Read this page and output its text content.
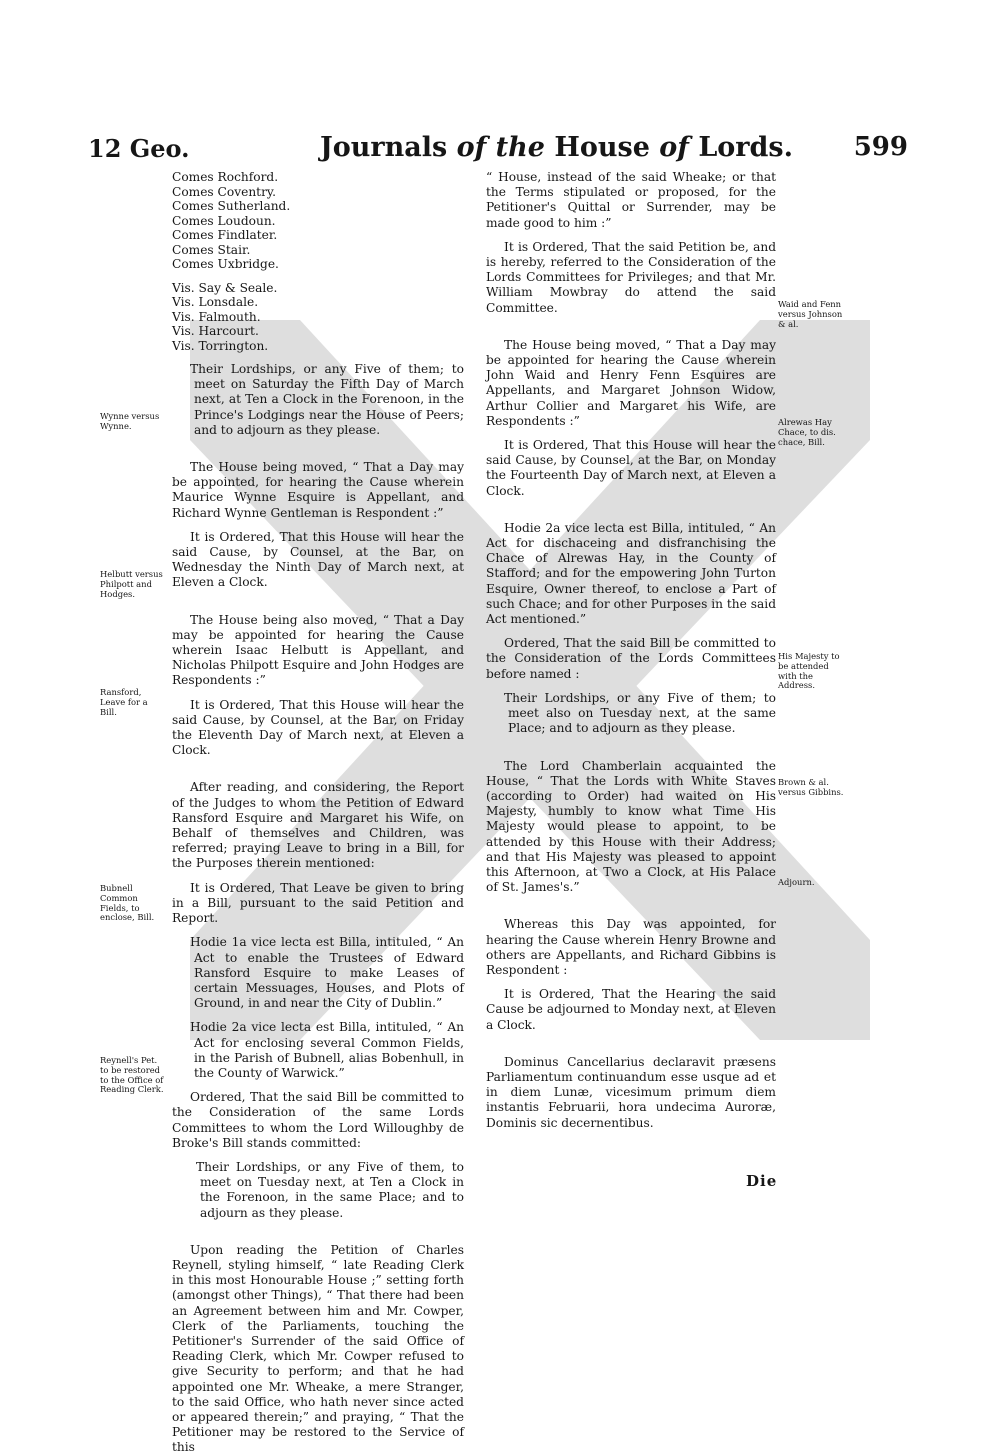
12 Geo.	Journals of the House of Lords. 599
Comes Rochford.
Comes Coventry.
Comes Sutherland.
Comes Loudoun.
Comes Findlater.
Comes Stair.
Comes Uxbridge.
Vis. Say & Seale.
Vis. Lonsdale.
Vis. Falmouth.
Vis. Harcourt.
Vis. Torrington.

Their Lordships, or any Five of them; to meet on Saturday the Fifth Day of March next, at Ten a Clock in the Forenoon, in the Prince's Lodgings near the House of Peers; and to adjourn as they please.

The House being moved, “ That a Day may be appointed, for hearing the Cause wherein Maurice Wynne Esquire is Appellant, and Richard Wynne Gentleman is Respondent :”

It is Ordered, That this House will hear the said Cause, by Counsel, at the Bar, on Wednesday the Ninth Day of March next, at Eleven a Clock.

The House being also moved, “ That a Day may be appointed for hearing the Cause wherein Isaac Helbutt is Appellant, and Nicholas Philpott Esquire and John Hodges are Respondents :”

It is Ordered, That this House will hear the said Cause, by Counsel, at the Bar, on Friday the Eleventh Day of March next, at Eleven a Clock.

After reading, and considering, the Report of the Judges to whom the Petition of Edward Ransford Esquire and Margaret his Wife, on Behalf of themselves and Children, was referred; praying Leave to bring in a Bill, for the Purposes therein mentioned:

It is Ordered, That Leave be given to bring in a Bill, pursuant to the said Petition and Report.

Hodie 1a vice lecta est Billa, intituled, “ An Act to enable the Trustees of Edward Ransford Esquire to make Leases of certain Messuages, Houses, and Plots of Ground, in and near the City of Dublin.”

Hodie 2a vice lecta est Billa, intituled, “ An Act for enclosing several Common Fields, in the Parish of Bubnell, alias Bobenhull, in the County of Warwick.”

Ordered, That the said Bill be committed to the Consideration of the same Lords Committees to whom the Lord Willoughby de Broke's Bill stands committed:

Their Lordships, or any Five of them, to meet on Tuesday next, at Ten a Clock in the Forenoon, in the same Place; and to adjourn as they please.

Upon reading the Petition of Charles Reynell, styling himself, “ late Reading Clerk in this most Honourable House ;” setting forth (amongst other Things), “ That there had been an Agreement between him and Mr. Cowper, Clerk of the Parliaments, touching the Petitioner's Surrender of the said Office of Reading Clerk, which Mr. Cowper refused to give Security to perform; and that he had appointed one Mr. Wheake, a mere Stranger, to the said Office, who hath never since acted or appeared therein;” and praying, “ That the Petitioner may be restored to the Service of this

“ House, instead of the said Wheake; or that the Terms stipulated or proposed, for the Petitioner's Quittal or Surrender, may be made good to him :”

It is Ordered, That the said Petition be, and is hereby, referred to the Consideration of the Lords Committees for Privileges; and that Mr. William Mowbray do attend the said Committee.

The House being moved, “ That a Day may be appointed for hearing the Cause wherein John Waid and Henry Fenn Esquires are Appellants, and Margaret Johnson Widow, Arthur Collier and Margaret his Wife, are Respondents :”

It is Ordered, That this House will hear the said Cause, by Counsel, at the Bar, on Monday the Fourteenth Day of March next, at Eleven a Clock.

Hodie 2a vice lecta est Billa, intituled, “ An Act for dischaceing and disfranchising the Chace of Alrewas Hay, in the County of Stafford; and for the empowering John Turton Esquire, Owner thereof, to enclose a Part of such Chace; and for other Purposes in the said Act mentioned.”

Ordered, That the said Bill be committed to the Consideration of the Lords Committees before named :

Their Lordships, or any Five of them; to meet also on Tuesday next, at the same Place; and to adjourn as they please.

The Lord Chamberlain acquainted the House, “ That the Lords with White Staves (according to Order) had waited on His Majesty, humbly to know what Time His Majesty would please to appoint, to be attended by this House with their Address; and that His Majesty was pleased to appoint this Afternoon, at Two a Clock, at His Palace of St. James's.”

Whereas this Day was appointed, for hearing the Cause wherein Henry Browne and others are Appellants, and Richard Gibbins is Respondent :

It is Ordered, That the Hearing the said Cause be adjourned to Monday next, at Eleven a Clock.

Dominus Cancellarius declaravit præsens Parliamentum continuandum esse usque ad et in diem Lunæ, vicesimum primum diem instantis Februarii, hora undecima Auroræ, Dominis sic decernentibus.

Wynne versus Wynne.
Helbutt versus Philpott and Hodges.
Ransford, Leave for a Bill.
Bubnell Common Fields, to enclose, Bill.
Reynell's Pet. to be restored to the Office of Reading Clerk.
Waid and Fenn versus Johnson & al.
Alrewas Hay Chace, to dis. chace, Bill.
His Majesty to be attended with the Address.
Brown & al. versus Gibbins.
Adjourn.
Die
